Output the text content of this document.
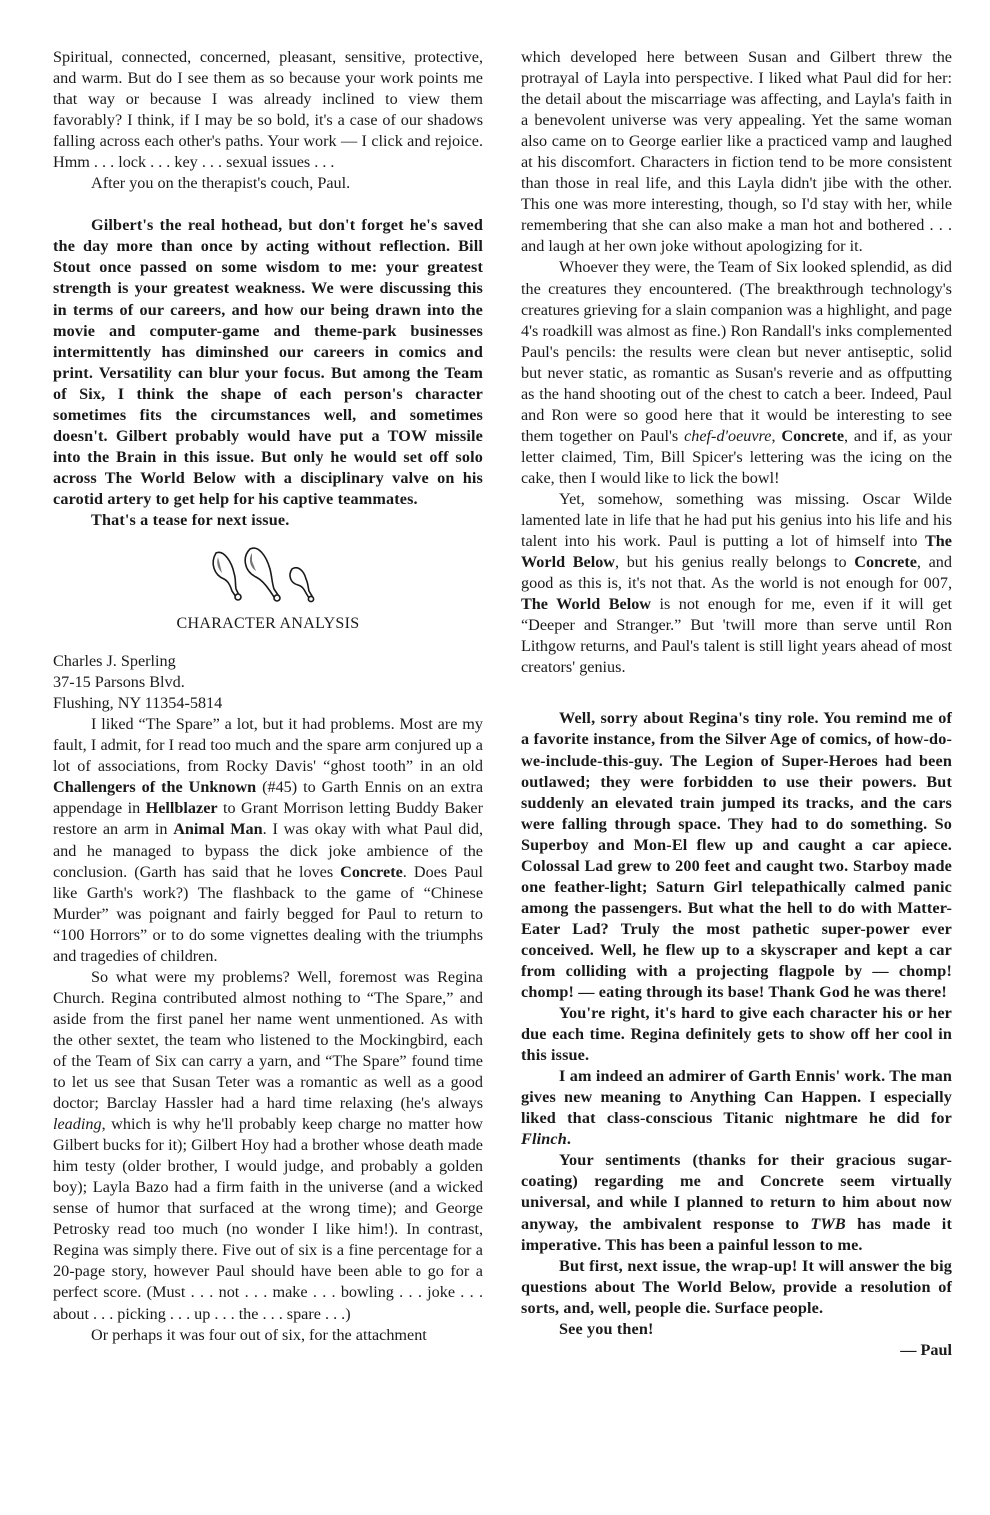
Spiritual, connected, concerned, pleasant, sensitive, protective, and warm. But do I see them as so because your work points me that way or because I was already inclined to view them favorably? I think, if I may be so bold, it's a case of our shadows falling across each other's paths. Your work — I click and rejoice. Hmm . . . lock . . . key . . . sexual issues . . .

After you on the therapist's couch, Paul.

Gilbert's the real hothead, but don't forget he's saved the day more than once by acting without reflection. Bill Stout once passed on some wisdom to me: your greatest strength is your greatest weakness. We were discussing this in terms of our careers, and how our being drawn into the movie and computer-game and theme-park businesses intermittently has diminshed our careers in comics and print. Versatility can blur your focus. But among the Team of Six, I think the shape of each person's character sometimes fits the circumstances well, and sometimes doesn't. Gilbert probably would have put a TOW missile into the Brain in this issue. But only he would set off solo across The World Below with a disciplinary valve on his carotid artery to get help for his captive teammates.

That's a tease for next issue.

CHARACTER ANALYSIS

Charles J. Sperling

37-15 Parsons Blvd.

Flushing, NY 11354-5814

I liked “The Spare” a lot, but it had problems. Most are my fault, I admit, for I read too much and the spare arm conjured up a lot of associations, from Rocky Davis' “ghost tooth” in an old Challengers of the Unknown (#45) to Garth Ennis on an extra appendage in Hellblazer to Grant Morrison letting Buddy Baker restore an arm in Animal Man. I was okay with what Paul did, and he managed to bypass the dick joke ambience of the conclusion. (Garth has said that he loves Concrete. Does Paul like Garth's work?) The flashback to the game of “Chinese Murder” was poignant and fairly begged for Paul to return to “100 Horrors” or to do some vignettes dealing with the triumphs and tragedies of children.

So what were my problems? Well, foremost was Regina Church. Regina contributed almost nothing to “The Spare,” and aside from the first panel her name went unmentioned. As with the other sextet, the team who listened to the Mockingbird, each of the Team of Six can carry a yarn, and “The Spare” found time to let us see that Susan Teter was a romantic as well as a good doctor; Barclay Hassler had a hard time relaxing (he's always leading, which is why he'll probably keep charge no matter how Gilbert bucks for it); Gilbert Hoy had a brother whose death made him testy (older brother, I would judge, and probably a golden boy); Layla Bazo had a firm faith in the universe (and a wicked sense of humor that surfaced at the wrong time); and George Petrosky read too much (no wonder I like him!). In contrast, Regina was simply there. Five out of six is a fine percentage for a 20-page story, however Paul should have been able to go for a perfect score. (Must . . . not . . . make . . . bowling . . . joke . . . about . . . picking . . . up . . . the . . . spare . . .)

Or perhaps it was four out of six, for the attachment

which developed here between Susan and Gilbert threw the protrayal of Layla into perspective. I liked what Paul did for her: the detail about the miscarriage was affecting, and Layla's faith in a benevolent universe was very appealing. Yet the same woman also came on to George earlier like a practiced vamp and laughed at his discomfort. Characters in fiction tend to be more consistent than those in real life, and this Layla didn't jibe with the other. This one was more interesting, though, so I'd stay with her, while remembering that she can also make a man hot and bothered . . . and laugh at her own joke without apologizing for it.

Whoever they were, the Team of Six looked splendid, as did the creatures they encountered. (The breakthrough technology's creatures grieving for a slain companion was a highlight, and page 4's roadkill was almost as fine.) Ron Randall's inks complemented Paul's pencils: the results were clean but never antiseptic, solid but never static, as romantic as Susan's reverie and as offputting as the hand shooting out of the chest to catch a beer. Indeed, Paul and Ron were so good here that it would be interesting to see them together on Paul's chef-d'oeuvre, Concrete, and if, as your letter claimed, Tim, Bill Spicer's lettering was the icing on the cake, then I would like to lick the bowl!

Yet, somehow, something was missing. Oscar Wilde lamented late in life that he had put his genius into his life and his talent into his work. Paul is putting a lot of himself into The World Below, but his genius really belongs to Concrete, and good as this is, it's not that. As the world is not enough for 007, The World Below is not enough for me, even if it will get “Deeper and Stranger.” But 'twill more than serve until Ron Lithgow returns, and Paul's talent is still light years ahead of most creators' genius.

Well, sorry about Regina's tiny role. You remind me of a favorite instance, from the Silver Age of comics, of how-do-we-include-this-guy. The Legion of Super-Heroes had been outlawed; they were forbidden to use their powers. But suddenly an elevated train jumped its tracks, and the cars were falling through space. They had to do something. So Superboy and Mon-El flew up and caught a car apiece. Colossal Lad grew to 200 feet and caught two. Starboy made one feather-light; Saturn Girl telepathically calmed panic among the passengers. But what the hell to do with Matter-Eater Lad? Truly the most pathetic super-power ever conceived. Well, he flew up to a skyscraper and kept a car from colliding with a projecting flagpole by — chomp! chomp! — eating through its base! Thank God he was there!

You're right, it's hard to give each character his or her due each time. Regina definitely gets to show off her cool in this issue.

I am indeed an admirer of Garth Ennis' work. The man gives new meaning to Anything Can Happen. I especially liked that class-conscious Titanic nightmare he did for Flinch.

Your sentiments (thanks for their gracious sugar-coating) regarding me and Concrete seem virtually universal, and while I planned to return to him about now anyway, the ambivalent response to TWB has made it imperative. This has been a painful lesson to me.

But first, next issue, the wrap-up! It will answer the big questions about The World Below, provide a resolution of sorts, and, well, people die. Surface people.

See you then!

— Paul
